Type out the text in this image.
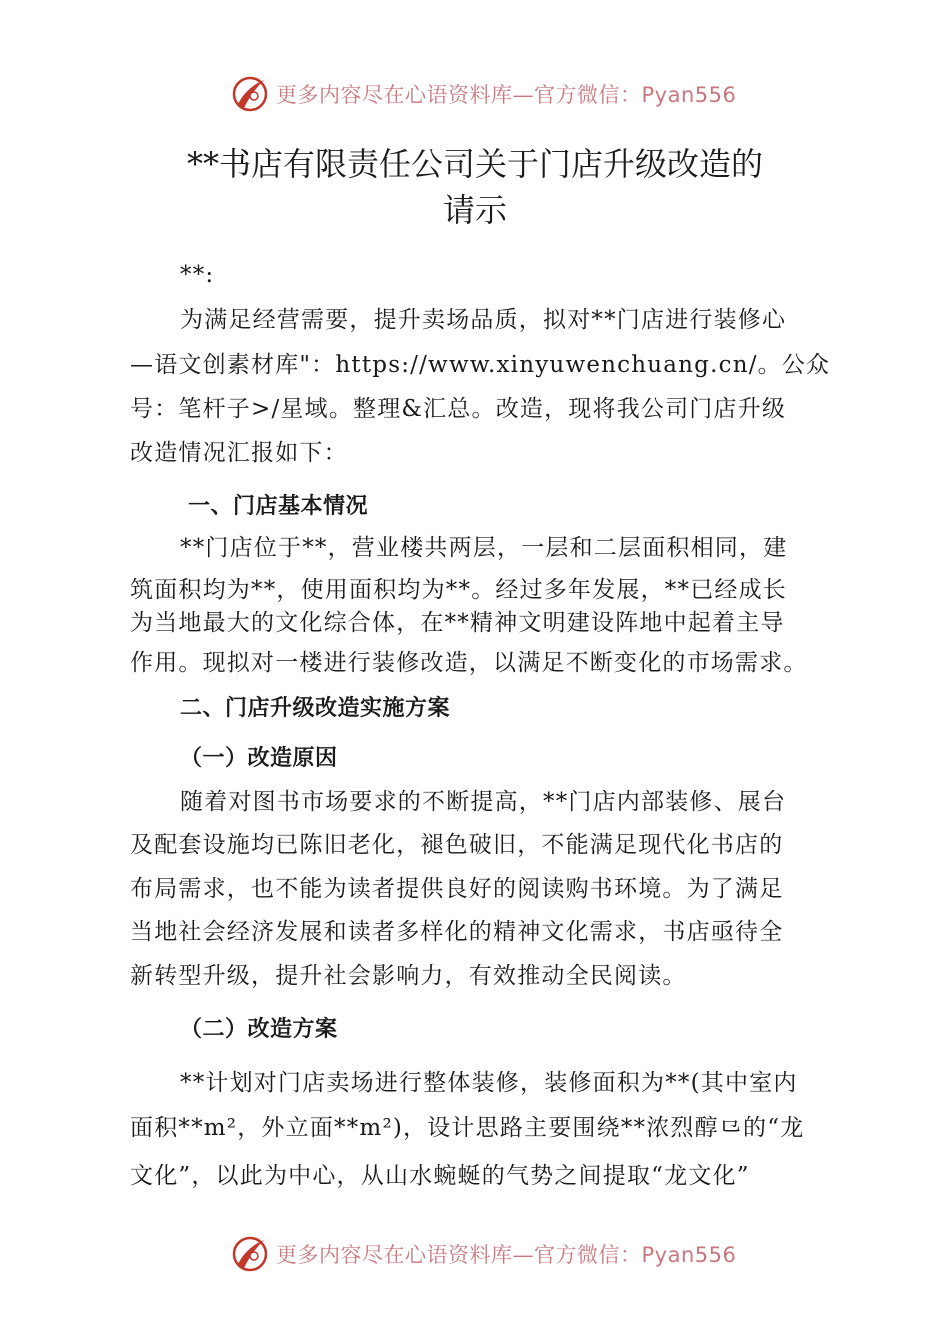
更多内容尽在心语资料库—官方微信：Pyan556
**书店有限责任公司关于门店升级改造的
请示
**:
为满足经营需要，提升卖场品质，拟对**门店进行装修心
—语文创素材库"：https://www.xinyuwenchuang.cn/。公众
号：笔杆子>/星域。整理&汇总。改造，现将我公司门店升级
改造情况汇报如下：
一、门店基本情况
**门店位于**，营业楼共两层，一层和二层面积相同，建
筑面积均为**，使用面积均为**。经过多年发展，**已经成长
为当地最大的文化综合体，在**精神文明建设阵地中起着主导
作用。现拟对一楼进行装修改造，以满足不断变化的市场需求。
二、门店升级改造实施方案
（一）改造原因
随着对图书市场要求的不断提高，**门店内部装修、展台
及配套设施均已陈旧老化，褪色破旧，不能满足现代化书店的
布局需求，也不能为读者提供良好的阅读购书环境。为了满足
当地社会经济发展和读者多样化的精神文化需求，书店亟待全
新转型升级，提升社会影响力，有效推动全民阅读。
（二）改造方案
**计划对门店卖场进行整体装修，装修面积为**(其中室内
面积**m²，外立面**m²)，设计思路主要围绕**浓烈醇⺋的“龙
文化”，以此为中心，从山水蜿蜒的气势之间提取“龙文化”
更多内容尽在心语资料库—官方微信：Pyan556
